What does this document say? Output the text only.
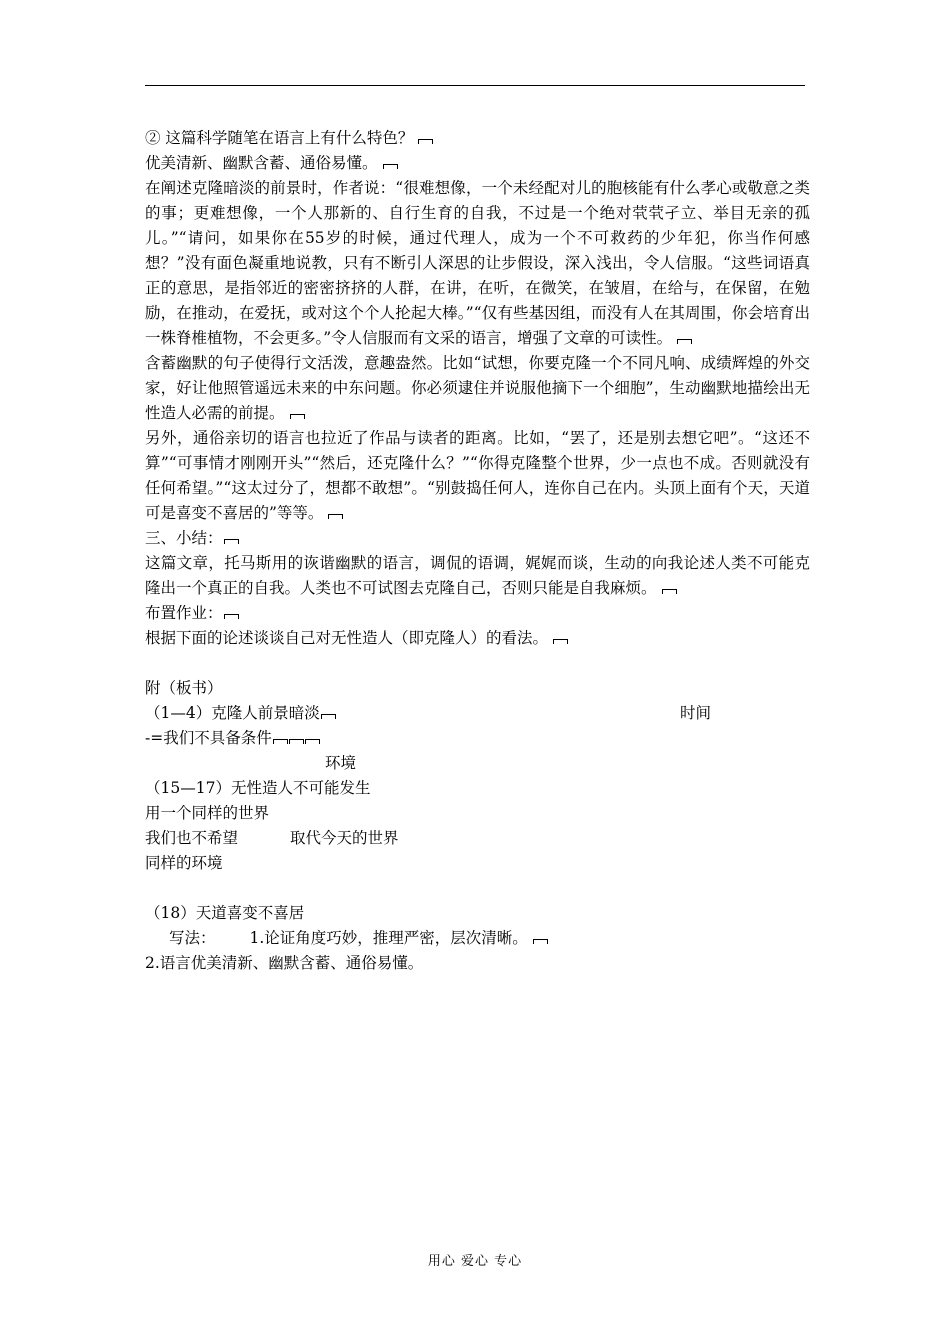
② 这篇科学随笔在语言上有什么特色？
优美清新、幽默含蓄、通俗易懂。
在阐述克隆暗淡的前景时，作者说：“很难想像，一个未经配对儿的胞核能有什么孝心或敬意之类的事；更难想像，一个人那新的、自行生育的自我，不过是一个绝对茕茕孑立、举目无亲的孤儿。”“请问，如果你在55岁的时候，通过代理人，成为一个不可救药的少年犯，你当作何感想？”没有面色凝重地说教，只有不断引人深思的让步假设，深入浅出，令人信服。“这些词语真正的意思，是指邻近的密密挤挤的人群，在讲，在听，在微笑，在皱眉，在给与，在保留，在勉励，在推动，在爱抚，或对这个个人抡起大棒。”“仅有些基因组，而没有人在其周围，你会培育出一株脊椎植物，不会更多。”令人信服而有文采的语言，增强了文章的可读性。
含蓄幽默的句子使得行文活泼，意趣盎然。比如“试想，你要克隆一个不同凡响、成绩辉煌的外交家，好让他照管遥远未来的中东问题。你必须逮住并说服他摘下一个细胞”，生动幽默地描绘出无性造人必需的前提。
另外，通俗亲切的语言也拉近了作品与读者的距离。比如，“罢了，还是别去想它吧”。“这还不算”“可事情才刚刚开头”“然后，还克隆什么？”“你得克隆整个世界，少一点也不成。否则就没有任何希望。”“这太过分了，想都不敢想”。“别鼓捣任何人，连你自己在内。头顶上面有个天，天道可是喜变不喜居的”等等。
三、小结：
这篇文章，托马斯用的诙谐幽默的语言，调侃的语调，娓娓而谈，生动的向我论述人类不可能克隆出一个真正的自我。人类也不可试图去克隆自己，否则只能是自我麻烦。
布置作业：
根据下面的论述谈谈自己对无性造人（即克隆人）的看法。
附（板书）
（1—4）克隆人前景暗淡	时间
-=我们不具备条件
环境
（15—17）无性造人不可能发生
用一个同样的世界
我们也不希望	取代今天的世界
同样的环境
（18）天道喜变不喜居
写法： 1.论证角度巧妙，推理严密，层次清晰。
2.语言优美清新、幽默含蓄、通俗易懂。
用心 爱心 专心
